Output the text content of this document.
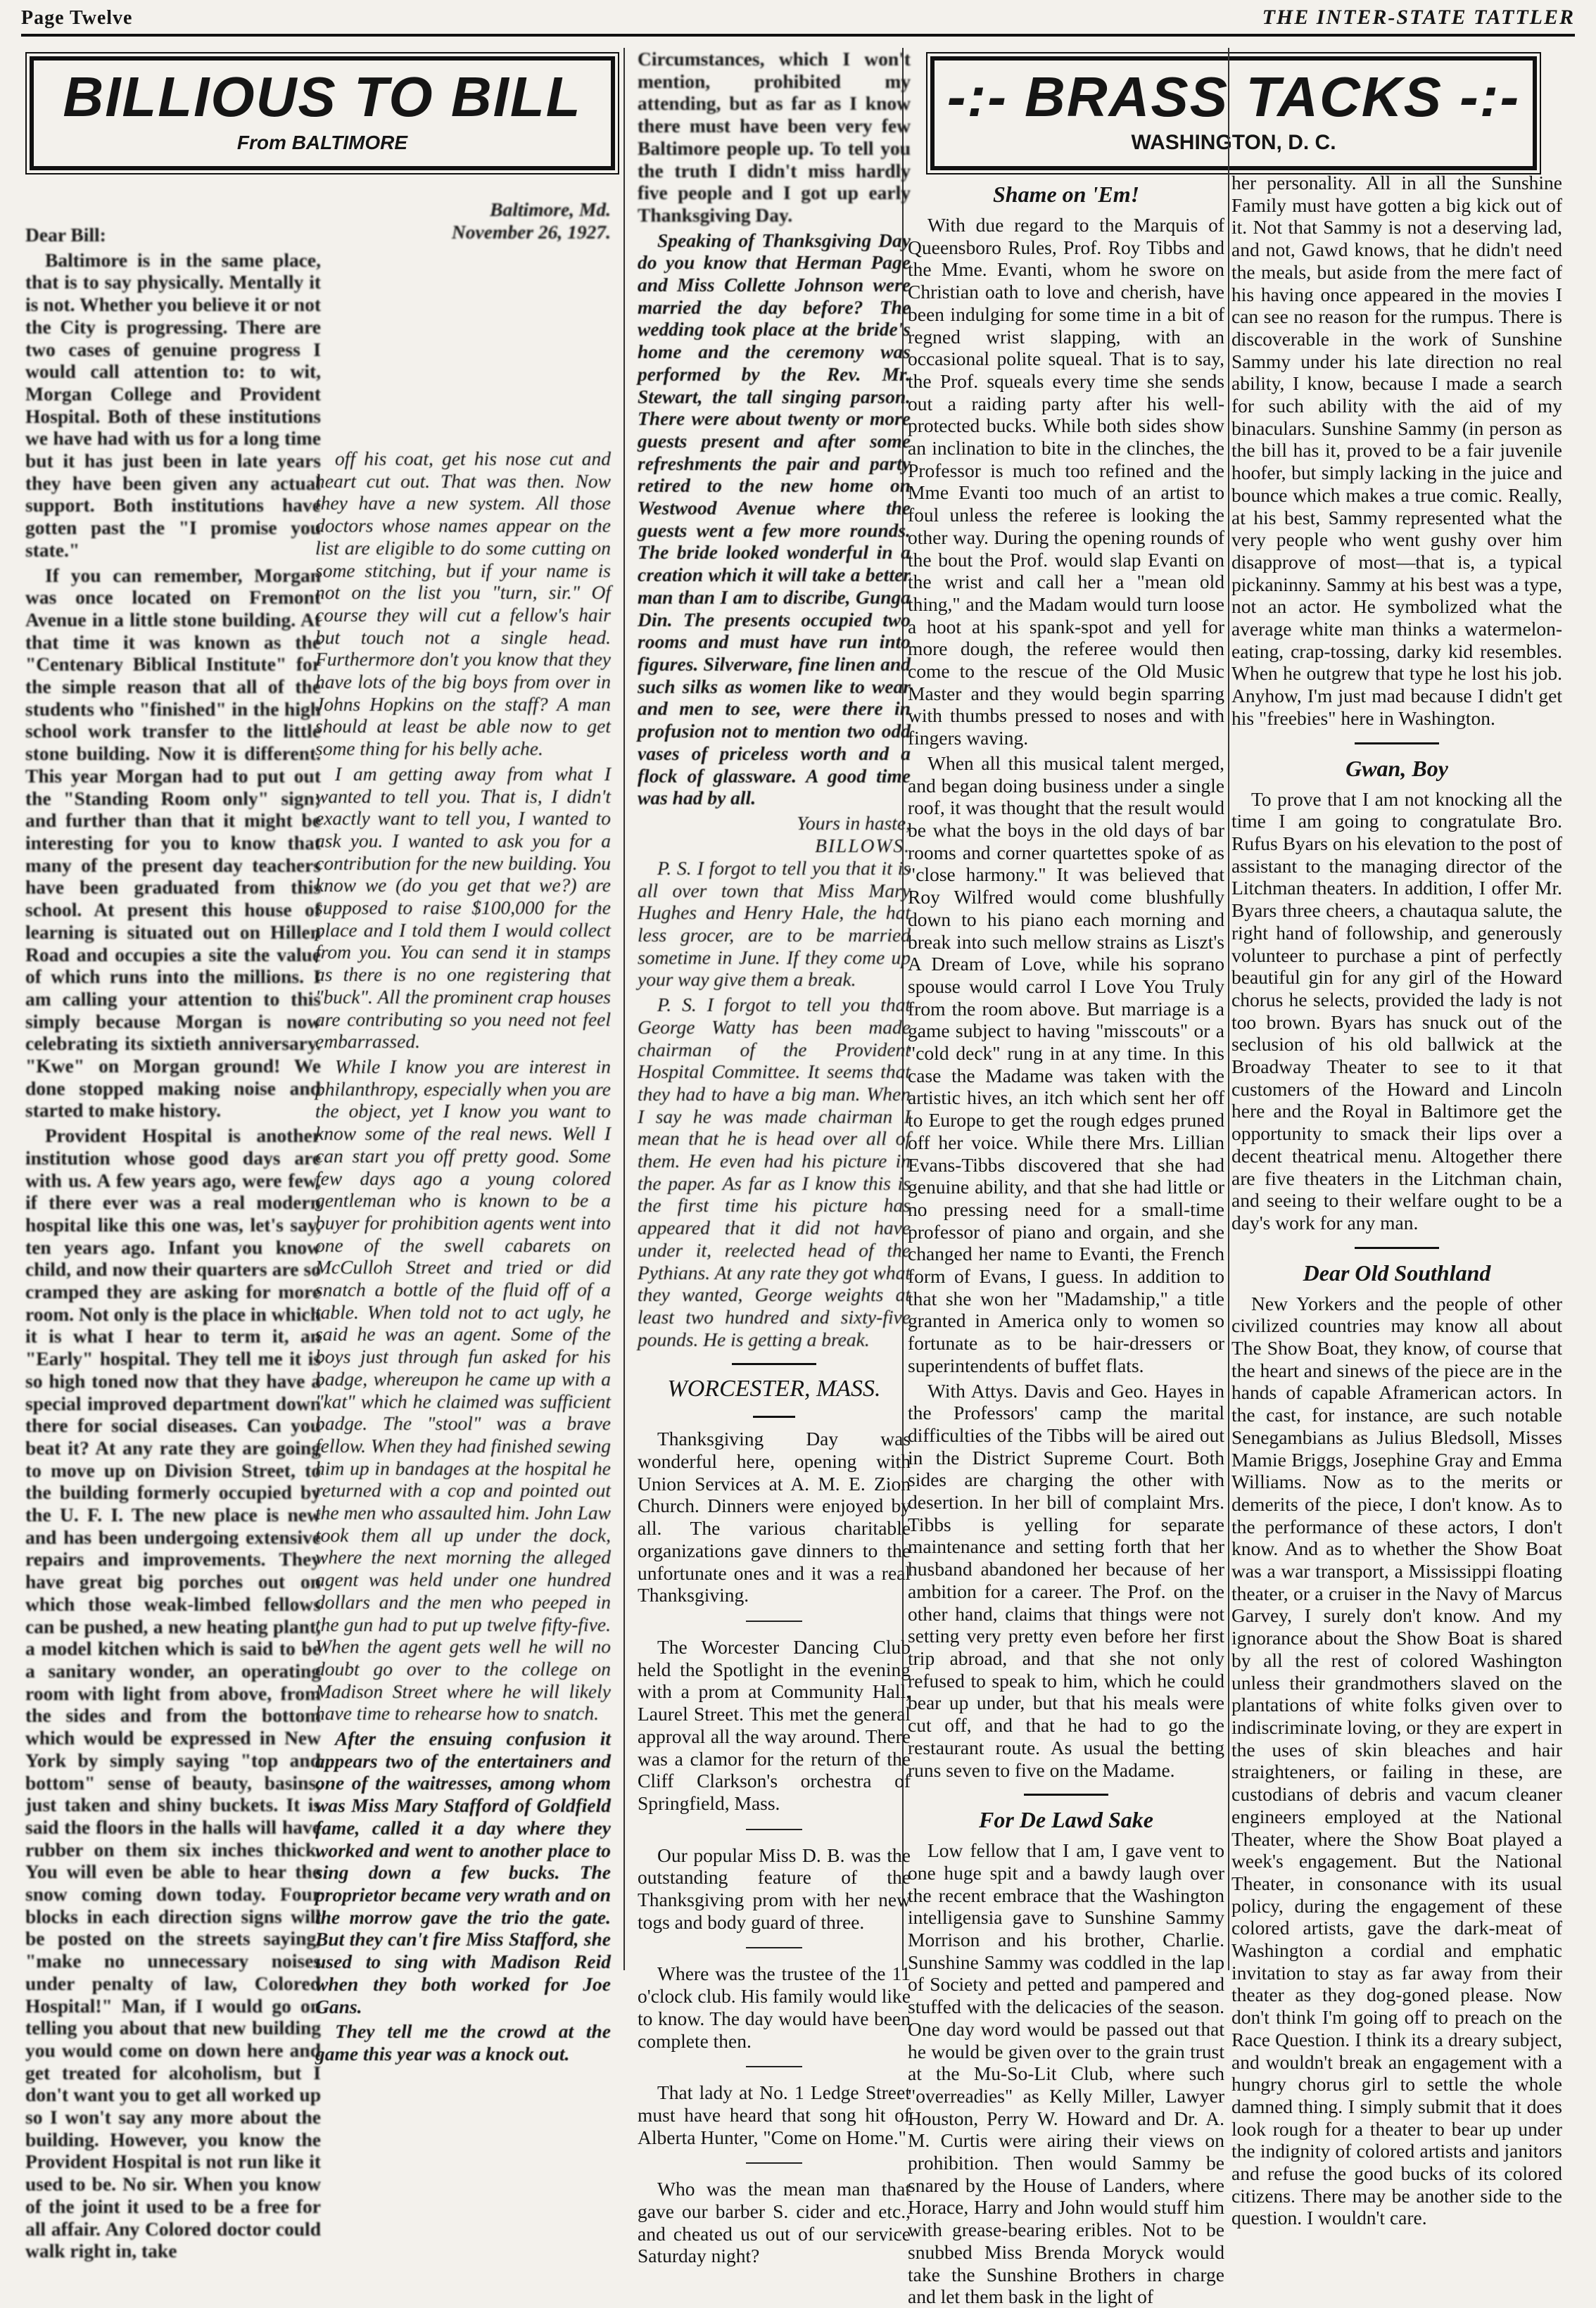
Page Twelve	THE INTER-STATE TATTLER
BILLIOUS TO BILL
From BALTIMORE
-:- BRASS TACKS -:-
WASHINGTON, D. C.

Dear Bill:

Baltimore is in the same place, that is to say physically. Mentally it is not. Whether you believe it or not the City is progressing. There are two cases of genuine progress I would call attention to: to wit, Morgan College and Provident Hospital. Both of these institutions we have had with us for a long time but it has just been in late years they have been given any actual support. Both institutions have gotten past the "I promise you state."

If you can remember, Morgan was once located on Fremont Avenue in a little stone building. At that time it was known as the "Centenary Biblical Institute" for the simple reason that all of the students who "finished" in the high school work transfer to the little stone building. Now it is different. This year Morgan had to put out the "Standing Room only" sign; and further than that it might be interesting for you to know that many of the present day teachers have been graduated from this school. At present this house of learning is situated out on Hillen Road and occupies a site the value of which runs into the millions. I am calling your attention to this simply because Morgan is now celebrating its sixtieth anniversary. "Kwe" on Morgan ground! We done stopped making noise and started to make history.

Provident Hospital is another institution whose good days are with us. A few years ago, were few, if there ever was a real modern hospital like this one was, let's say, ten years ago. Infant you know child, and now their quarters are so cramped they are asking for more room. Not only is the place in which it is what I hear to term it, an "Early" hospital. They tell me it is so high toned now that they have a special improved department down there for social diseases. Can you beat it? At any rate they are going to move up on Division Street, to the building formerly occupied by the U. F. I. The new place is new and has been undergoing extensive repairs and improvements. They have great big porches out on which those weak-limbed fellows can be pushed, a new heating plant, a model kitchen which is said to be a sanitary wonder, an operating room with light from above, from the sides and from the bottom which would be expressed in New York by simply saying "top and bottom" sense of beauty, basins, just taken and shiny buckets. It is said the floors in the halls will have rubber on them six inches thick. You will even be able to hear the snow coming down today. Four blocks in each direction signs will be posted on the streets saying, "make no unnecessary noises under penalty of law, Colored Hospital!" Man, if I would go on telling you about that new building you would come on down here and get treated for alcoholism, but I don't want you to get all worked up so I won't say any more about the building. However, you know the Provident Hospital is not run like it used to be. No sir. When you know of the joint it used to be a free for all affair. Any Colored doctor could walk right in, take

Baltimore, Md.
November 26, 1927.

off his coat, get his nose cut and heart cut out. That was then. Now they have a new system. All those doctors whose names appear on the list are eligible to do some cutting on some stitching, but if your name is not on the list you "turn, sir." Of course they will cut a fellow's hair but touch not a single head. Furthermore don't you know that they have lots of the big boys from over in Johns Hopkins on the staff? A man should at least be able now to get some thing for his belly ache.

I am getting away from what I wanted to tell you. That is, I didn't exactly want to tell you, I wanted to ask you. I wanted to ask you for a contribution for the new building. You know we (do you get that we?) are supposed to raise $100,000 for the place and I told them I would collect from you. You can send it in stamps as there is no one registering that "buck". All the prominent crap houses are contributing so you need not feel embarrassed.

While I know you are interest in philanthropy, especially when you are the object, yet I know you want to know some of the real news. Well I can start you off pretty good. Some few days ago a young colored gentleman who is known to be a buyer for prohibition agents went into one of the swell cabarets on McCulloh Street and tried or did snatch a bottle of the fluid off of a table. When told not to act ugly, he said he was an agent. Some of the boys just through fun asked for his badge, whereupon he came up with a "kat" which he claimed was sufficient badge. The "stool" was a brave fellow. When they had finished sewing him up in bandages at the hospital he returned with a cop and pointed out the men who assaulted him. John Law took them all up under the dock, where the next morning the alleged agent was held under one hundred dollars and the men who peeped in the gun had to put up twelve fifty-five. When the agent gets well he will no doubt go over to the college on Madison Street where he will likely have time to rehearse how to snatch.

After the ensuing confusion it appears two of the entertainers and one of the waitresses, among whom was Miss Mary Stafford of Goldfield fame, called it a day where they worked and went to another place to sing down a few bucks. The proprietor became very wrath and on the morrow gave the trio the gate. But they can't fire Miss Stafford, she used to sing with Madison Reid when they both worked for Joe Gans.

They tell me the crowd at the game this year was a knock out.

Circumstances, which I won't mention, prohibited my attending, but as far as I know there must have been very few Baltimore people up. To tell you the truth I didn't miss hardly five people and I got up early Thanksgiving Day.

Speaking of Thanksgiving Day do you know that Herman Page and Miss Collette Johnson were married the day before? The wedding took place at the bride's home and the ceremony was performed by the Rev. Mr. Stewart, the tall singing parson. There were about twenty or more guests present and after some refreshments the pair and party retired to the new home on Westwood Avenue where the guests went a few more rounds. The bride looked wonderful in a creation which it will take a better man than I am to discribe, Gunga Din. The presents occupied two rooms and must have run into figures. Silverware, fine linen and such silks as women like to wear and men to see, were there in profusion not to mention two odd vases of priceless worth and a flock of glassware. A good time was had by all.

Yours in haste,
BILLOWS.

P. S. I forgot to tell you that it is all over town that Miss Mary Hughes and Henry Hale, the hat less grocer, are to be married sometime in June. If they come up your way give them a break.

P. S. I forgot to tell you that George Watty has been made chairman of the Provident Hospital Committee. It seems that they had to have a big man. When I say he was made chairman I mean that he is head over all of them. He even had his picture in the paper. As far as I know this is the first time his picture has appeared that it did not have under it, reelected head of the Pythians. At any rate they got what they wanted, George weights at least two hundred and sixty-five pounds. He is getting a break.

WORCESTER, MASS.

Thanksgiving Day was wonderful here, opening with Union Services at A. M. E. Zion Church. Dinners were enjoyed by all. The various charitable organizations gave dinners to the unfortunate ones and it was a real Thanksgiving.

The Worcester Dancing Club held the Spotlight in the evening with a prom at Community Hall, Laurel Street. This met the general approval all the way around. There was a clamor for the return of the Cliff Clarkson's orchestra of Springfield, Mass.

Our popular Miss D. B. was the outstanding feature of the Thanksgiving prom with her new togs and body guard of three.

Where was the trustee of the 11 o'clock club. His family would like to know. The day would have been complete then.

That lady at No. 1 Ledge Street must have heard that song hit of Alberta Hunter, "Come on Home."

Who was the mean man that gave our barber S. cider and etc., and cheated us out of our service Saturday night?

Shame on 'Em!

With due regard to the Marquis of Queensboro Rules, Prof. Roy Tibbs and the Mme. Evanti, whom he swore on Christian oath to love and cherish, have been indulging for some time in a bit of regned wrist slapping, with an occasional polite squeal. That is to say, the Prof. squeals every time she sends out a raiding party after his well-protected bucks. While both sides show an inclination to bite in the clinches, the Professor is much too refined and the Mme Evanti too much of an artist to foul unless the referee is looking the other way. During the opening rounds of the bout the Prof. would slap Evanti on the wrist and call her a "mean old thing," and the Madam would turn loose a hoot at his spank-spot and yell for more dough, the referee would then come to the rescue of the Old Music Master and they would begin sparring with thumbs pressed to noses and with fingers waving.

When all this musical talent merged, and began doing business under a single roof, it was thought that the result would be what the boys in the old days of bar rooms and corner quartettes spoke of as "close harmony." It was believed that Roy Wilfred would come blushfully down to his piano each morning and break into such mellow strains as Liszt's A Dream of Love, while his soprano spouse would carrol I Love You Truly from the room above. But marriage is a game subject to having "misscouts" or a "cold deck" rung in at any time. In this case the Madame was taken with the artistic hives, an itch which sent her off to Europe to get the rough edges pruned off her voice. While there Mrs. Lillian Evans-Tibbs discovered that she had genuine ability, and that she had little or no pressing need for a small-time professor of piano and orgain, and she changed her name to Evanti, the French form of Evans, I guess. In addition to that she won her "Madamship," a title granted in America only to women so fortunate as to be hair-dressers or superintendents of buffet flats.

With Attys. Davis and Geo. Hayes in the Professors' camp the marital difficulties of the Tibbs will be aired out in the District Supreme Court. Both sides are charging the other with desertion. In her bill of complaint Mrs. Tibbs is yelling for separate maintenance and setting forth that her husband abandoned her because of her ambition for a career. The Prof. on the other hand, claims that things were not setting very pretty even before her first trip abroad, and that she not only refused to speak to him, which he could bear up under, but that his meals were cut off, and that he had to go the restaurant route. As usual the betting runs seven to five on the Madame.

For De Lawd Sake

Low fellow that I am, I gave vent to one huge spit and a bawdy laugh over the recent embrace that the Washington intelligensia gave to Sunshine Sammy Morrison and his brother, Charlie. Sunshine Sammy was coddled in the lap of Society and petted and pampered and stuffed with the delicacies of the season. One day word would be passed out that he would be given over to the grain trust at the Mu-So-Lit Club, where such "overreadies" as Kelly Miller, Lawyer Houston, Perry W. Howard and Dr. A. M. Curtis were airing their views on prohibition. Then would Sammy be snared by the House of Landers, where Horace, Harry and John would stuff him with grease-bearing eribles. Not to be snubbed Miss Brenda Moryck would take the Sunshine Brothers in charge and let them bask in the light of

her personality. All in all the Sunshine Family must have gotten a big kick out of it. Not that Sammy is not a deserving lad, and not, Gawd knows, that he didn't need the meals, but aside from the mere fact of his having once appeared in the movies I can see no reason for the rumpus. There is discoverable in the work of Sunshine Sammy under his late direction no real ability, I know, because I made a search for such ability with the aid of my binaculars. Sunshine Sammy (in person as the bill has it, proved to be a fair juvenile hoofer, but simply lacking in the juice and bounce which makes a true comic. Really, at his best, Sammy represented what the very people who went gushy over him disapprove of most—that is, a typical pickaninny. Sammy at his best was a type, not an actor. He symbolized what the average white man thinks a watermelon-eating, crap-tossing, darky kid resembles. When he outgrew that type he lost his job. Anyhow, I'm just mad because I didn't get his "freebies" here in Washington.

Gwan, Boy

To prove that I am not knocking all the time I am going to congratulate Bro. Rufus Byars on his elevation to the post of assistant to the managing director of the Litchman theaters. In addition, I offer Mr. Byars three cheers, a chautaqua salute, the right hand of followship, and generously volunteer to purchase a pint of perfectly beautiful gin for any girl of the Howard chorus he selects, provided the lady is not too brown. Byars has snuck out of the seclusion of his old ballwick at the Broadway Theater to see to it that customers of the Howard and Lincoln here and the Royal in Baltimore get the opportunity to smack their lips over a decent theatrical menu. Altogether there are five theaters in the Litchman chain, and seeing to their welfare ought to be a day's work for any man.

Dear Old Southland

New Yorkers and the people of other civilized countries may know all about The Show Boat, they know, of course that the heart and sinews of the piece are in the hands of capable Aframerican actors. In the cast, for instance, are such notable Senegambians as Julius Bledsoll, Misses Mamie Briggs, Josephine Gray and Emma Williams. Now as to the merits or demerits of the piece, I don't know. As to the performance of these actors, I don't know. And as to whether the Show Boat was a war transport, a Mississippi floating theater, or a cruiser in the Navy of Marcus Garvey, I surely don't know. And my ignorance about the Show Boat is shared by all the rest of colored Washington unless their grandmothers slaved on the plantations of white folks given over to indiscriminate loving, or they are expert in the uses of skin bleaches and hair straighteners, or failing in these, are custodians of debris and vacum cleaner engineers employed at the National Theater, where the Show Boat played a week's engagement. But the National Theater, in consonance with its usual policy, during the engagement of these colored artists, gave the dark-meat of Washington a cordial and emphatic invitation to stay as far away from their theater as they dog-goned please. Now don't think I'm going off to preach on the Race Question. I think its a dreary subject, and wouldn't break an engagement with a hungry chorus girl to settle the whole damned thing. I simply submit that it does look rough for a theater to bear up under the indignity of colored artists and janitors and refuse the good bucks of its colored citizens. There may be another side to the question. I wouldn't care.
